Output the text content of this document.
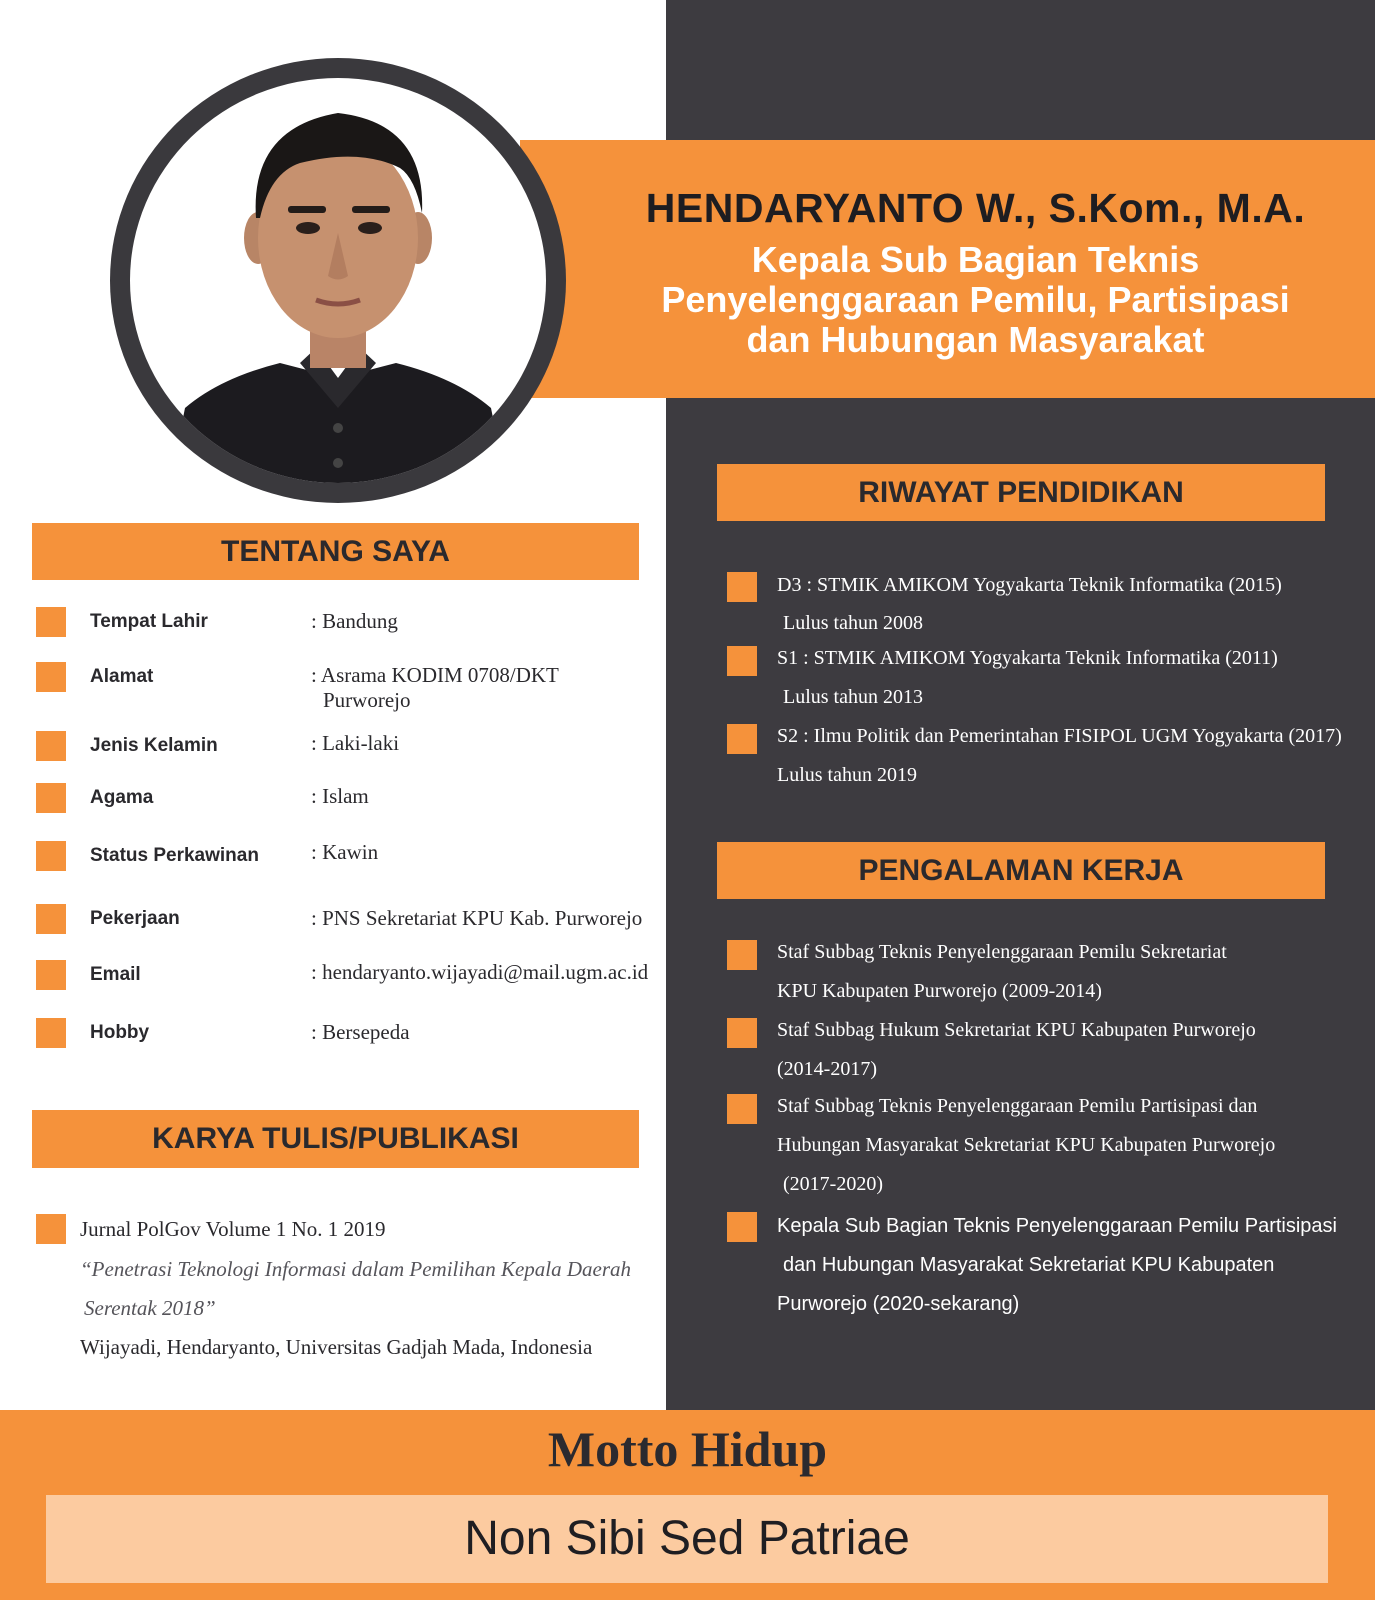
HENDARYANTO W., S.Kom., M.A.
Kepala Sub Bagian Teknis
Penyelenggaraan Pemilu, Partisipasi
dan Hubungan Masyarakat
TENTANG SAYA
Tempat Lahir	: Bandung
Alamat	: Asrama KODIM 0708/DKT
Purworejo
Jenis Kelamin	: Laki-laki
Agama	: Islam
Status Perkawinan : Kawin
Pekerjaan	: PNS Sekretariat KPU Kab. Purworejo
Email	: hendaryanto.wijayadi@mail.ugm.ac.id
Hobby	: Bersepeda
KARYA TULIS/PUBLIKASI
Jurnal PolGov Volume 1 No. 1 2019
“Penetrasi Teknologi Informasi dalam Pemilihan Kepala Daerah
Serentak 2018”
Wijayadi, Hendaryanto, Universitas Gadjah Mada, Indonesia
RIWAYAT PENDIDIKAN
D3 : STMIK AMIKOM Yogyakarta Teknik Informatika (2015)
Lulus tahun 2008
S1 : STMIK AMIKOM Yogyakarta Teknik Informatika (2011)
Lulus tahun 2013
S2 : Ilmu Politik dan Pemerintahan FISIPOL UGM Yogyakarta (2017)
Lulus tahun 2019
PENGALAMAN KERJA
Staf Subbag Teknis Penyelenggaraan Pemilu Sekretariat
KPU Kabupaten Purworejo (2009-2014)
Staf Subbag Hukum Sekretariat KPU Kabupaten Purworejo
(2014-2017)
Staf Subbag Teknis Penyelenggaraan Pemilu Partisipasi dan
Hubungan Masyarakat Sekretariat KPU Kabupaten Purworejo
(2017-2020)
Kepala Sub Bagian Teknis Penyelenggaraan Pemilu Partisipasi
dan Hubungan Masyarakat Sekretariat KPU Kabupaten
Purworejo (2020-sekarang)
Motto Hidup
Non Sibi Sed Patriae
